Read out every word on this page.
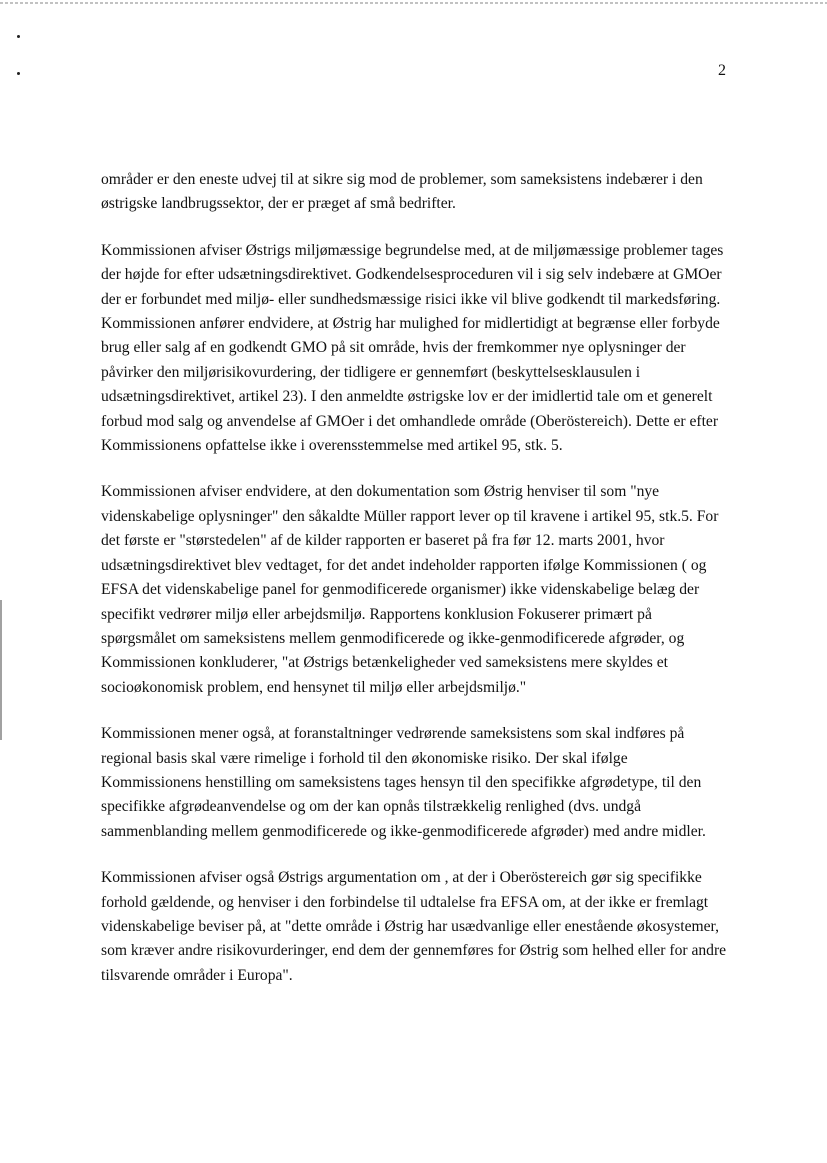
2

områder er den eneste udvej til at sikre sig mod de problemer, som sameksistens indebærer i den østrigske landbrugssektor, der er præget af små bedrifter.

Kommissionen afviser Østrigs miljømæssige begrundelse med, at de miljømæssige problemer tages der højde for efter udsætningsdirektivet. Godkendelsesproceduren vil i sig selv indebære at GMOer der er forbundet med miljø- eller sundhedsmæssige risici ikke vil blive godkendt til markedsføring. Kommissionen anfører endvidere, at Østrig har mulighed for midlertidigt at begrænse eller forbyde brug eller salg af en godkendt GMO på sit område, hvis der fremkommer nye oplysninger der påvirker den miljørisikovurdering, der tidligere er gennemført (beskyttelsesklausulen i udsætningsdirektivet, artikel 23). I den anmeldte østrigske lov er der imidlertid tale om et generelt forbud mod salg og anvendelse af GMOer i det omhandlede område (Oberöstereich). Dette er efter Kommissionens opfattelse ikke i overensstemmelse med artikel 95, stk. 5.

Kommissionen afviser endvidere, at den dokumentation som Østrig henviser til som "nye videnskabelige oplysninger" den såkaldte Müller rapport lever op til kravene i artikel 95, stk.5. For det første er "størstedelen" af de kilder rapporten er baseret på fra før 12. marts 2001, hvor udsætningsdirektivet blev vedtaget, for det andet indeholder rapporten ifølge Kommissionen ( og EFSA det videnskabelige panel for genmodificerede organismer) ikke videnskabelige belæg der specifikt vedrører miljø eller arbejdsmiljø. Rapportens konklusion Fokuserer primært på spørgsmålet om sameksistens mellem genmodificerede og ikke-genmodificerede afgrøder, og Kommissionen konkluderer, "at Østrigs betænkeligheder ved sameksistens mere skyldes et socioøkonomisk problem, end hensynet til miljø eller arbejdsmiljø."

Kommissionen mener også, at foranstaltninger vedrørende sameksistens som skal indføres på regional basis skal være rimelige i forhold til den økonomiske risiko. Der skal ifølge Kommissionens henstilling om sameksistens tages hensyn til den specifikke afgrødetype, til den specifikke afgrødeanvendelse og om der kan opnås tilstrækkelig renlighed (dvs. undgå sammenblanding mellem genmodificerede og ikke-genmodificerede afgrøder) med andre midler.

Kommissionen afviser også Østrigs argumentation om , at der i Oberöstereich gør sig specifikke forhold gældende, og henviser i den forbindelse til udtalelse fra EFSA om, at der ikke er fremlagt videnskabelige beviser på, at "dette område i Østrig har usædvanlige eller enestående økosystemer, som kræver andre risikovurderinger, end dem der gennemføres for Østrig som helhed eller for andre tilsvarende områder i Europa".
